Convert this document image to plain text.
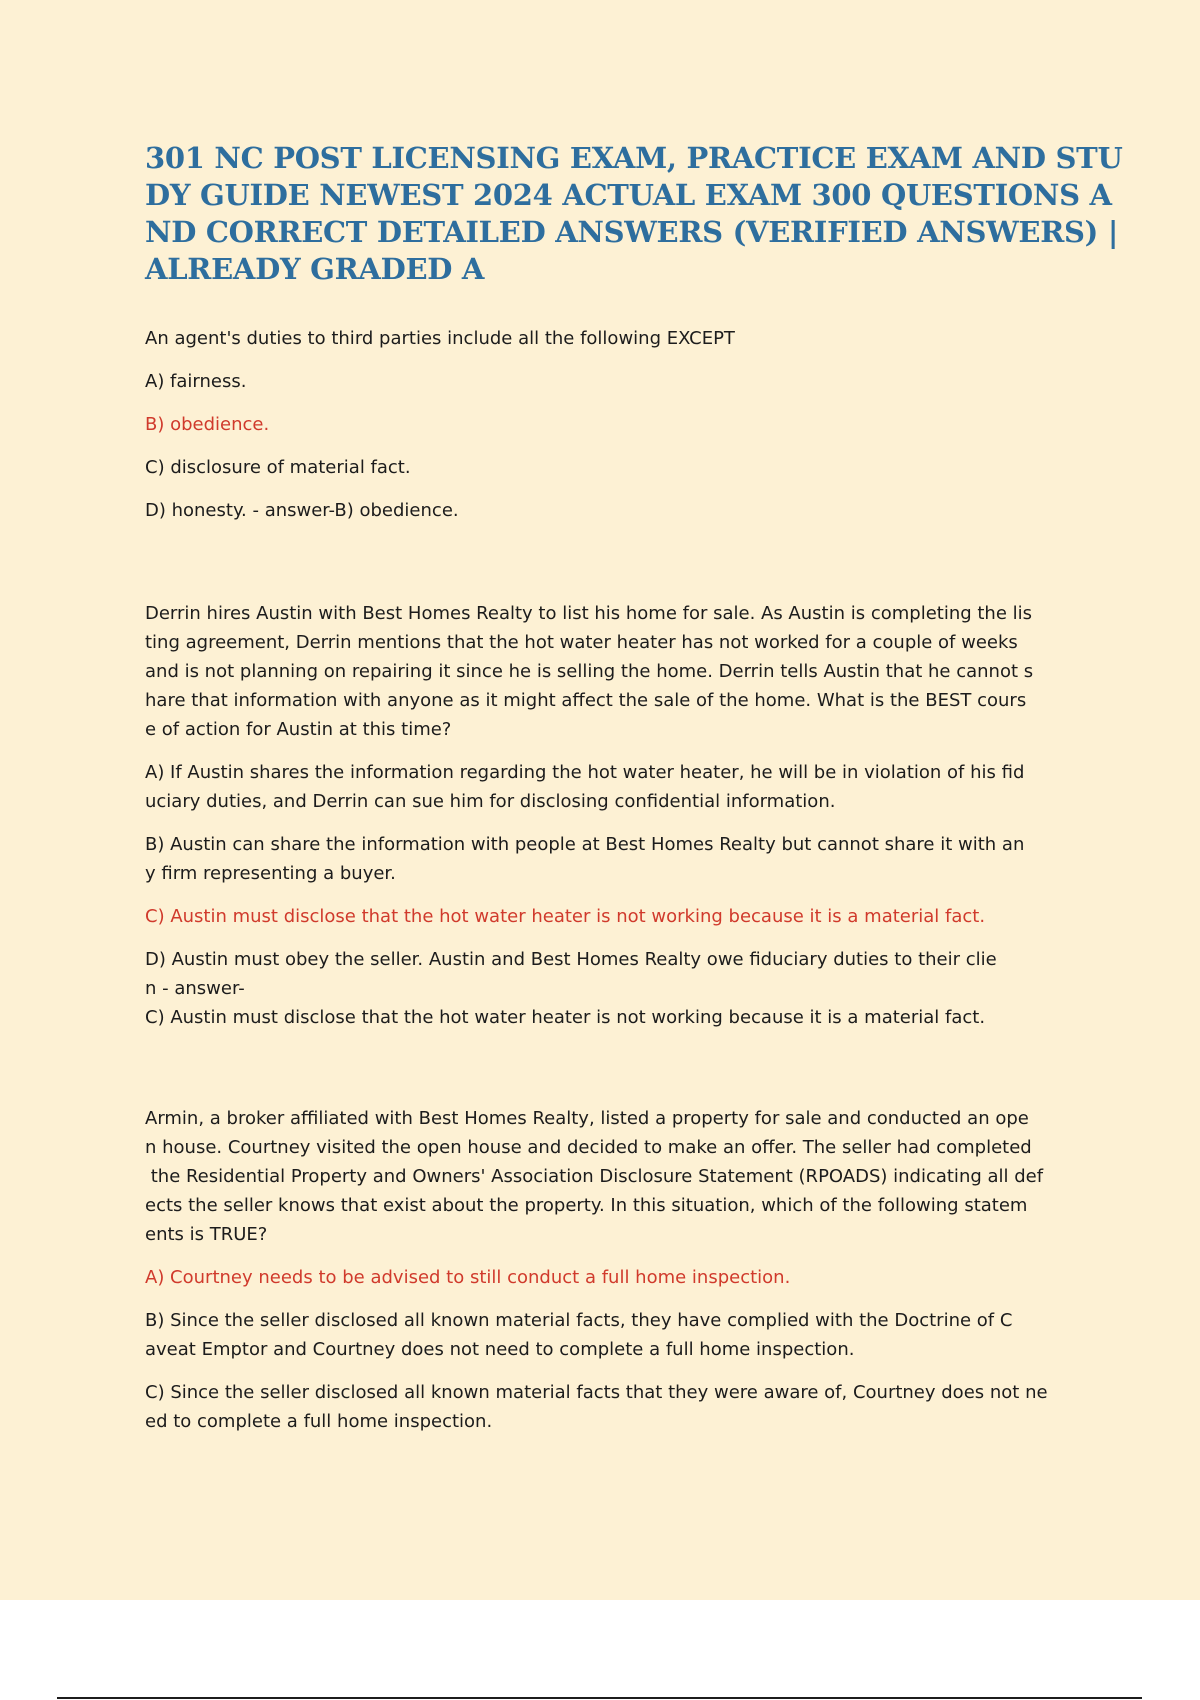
301 NC POST LICENSING EXAM, PRACTICE EXAM AND STU
DY GUIDE NEWEST 2024 ACTUAL EXAM 300 QUESTIONS A
ND CORRECT DETAILED ANSWERS (VERIFIED ANSWERS) |
ALREADY GRADED A

An agent's duties to third parties include all the following EXCEPT

A) fairness.

B) obedience.

C) disclosure of material fact.

D) honesty. - answer-B) obedience.

Derrin hires Austin with Best Homes Realty to list his home for sale. As Austin is completing the lis
ting agreement, Derrin mentions that the hot water heater has not worked for a couple of weeks
and is not planning on repairing it since he is selling the home. Derrin tells Austin that he cannot s
hare that information with anyone as it might affect the sale of the home. What is the BEST cours
e of action for Austin at this time?

A) If Austin shares the information regarding the hot water heater, he will be in violation of his fid
uciary duties, and Derrin can sue him for disclosing confidential information.

B) Austin can share the information with people at Best Homes Realty but cannot share it with an
y firm representing a buyer.

C) Austin must disclose that the hot water heater is not working because it is a material fact.

D) Austin must obey the seller. Austin and Best Homes Realty owe fiduciary duties to their clie
n - answer-
C) Austin must disclose that the hot water heater is not working because it is a material fact.

Armin, a broker affiliated with Best Homes Realty, listed a property for sale and conducted an ope
n house. Courtney visited the open house and decided to make an offer. The seller had completed
the Residential Property and Owners' Association Disclosure Statement (RPOADS) indicating all def
ects the seller knows that exist about the property. In this situation, which of the following statem
ents is TRUE?

A) Courtney needs to be advised to still conduct a full home inspection.

B) Since the seller disclosed all known material facts, they have complied with the Doctrine of C
aveat Emptor and Courtney does not need to complete a full home inspection.

C) Since the seller disclosed all known material facts that they were aware of, Courtney does not ne
ed to complete a full home inspection.
